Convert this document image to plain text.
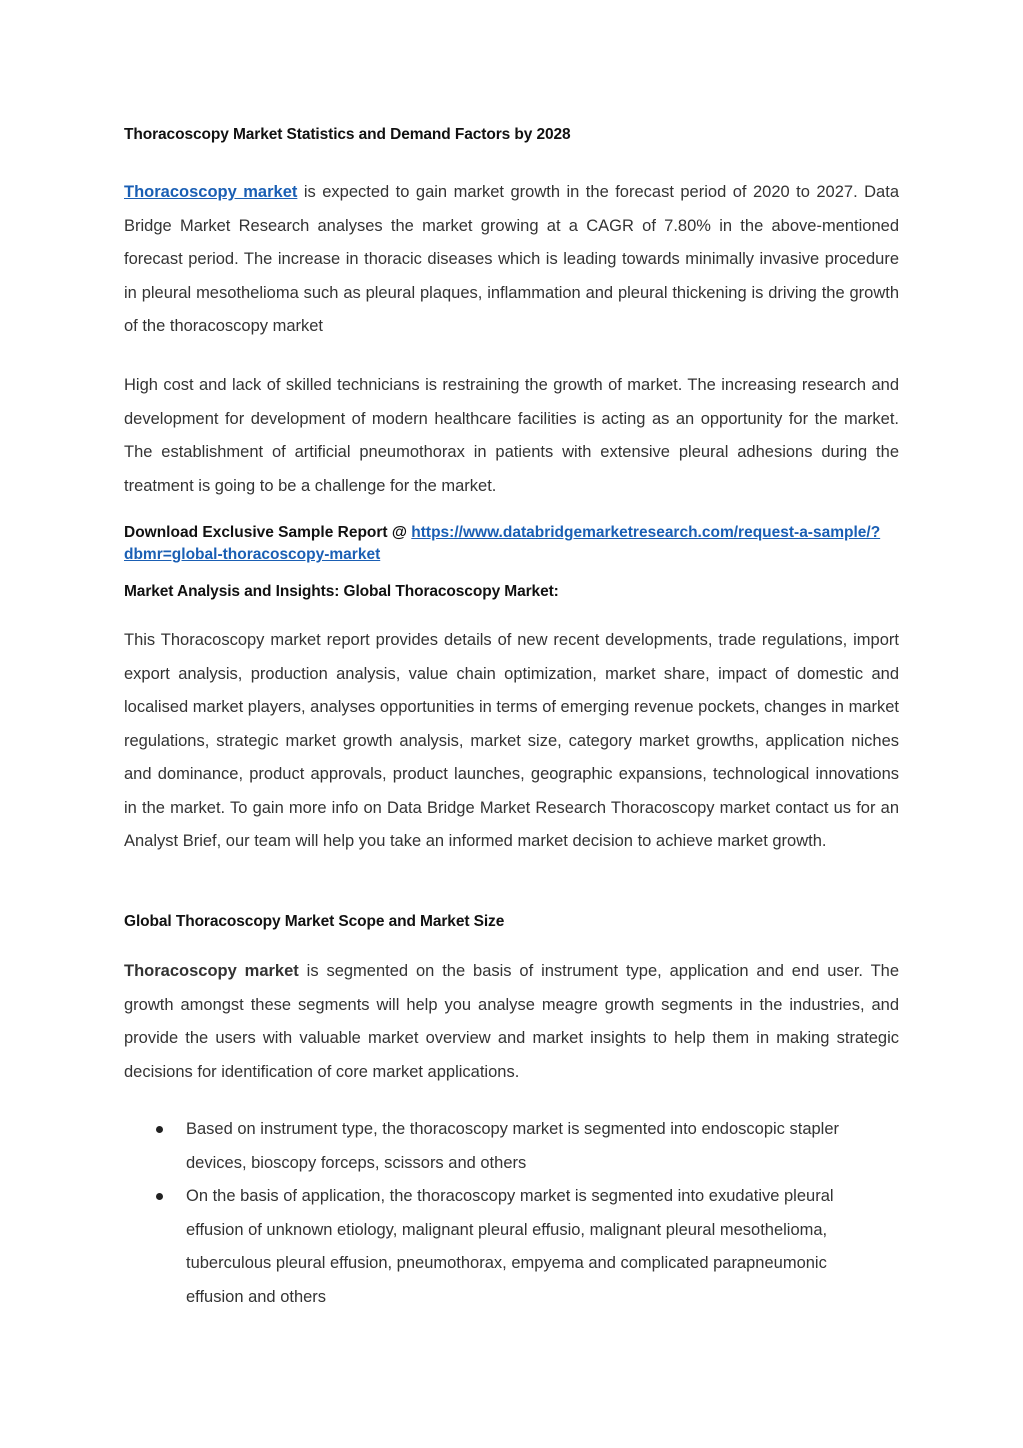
Thoracoscopy Market Statistics and Demand Factors by 2028

Thoracoscopy market is expected to gain market growth in the forecast period of 2020 to 2027. Data Bridge Market Research analyses the market growing at a CAGR of 7.80% in the above-mentioned forecast period. The increase in thoracic diseases which is leading towards minimally invasive procedure in pleural mesothelioma such as pleural plaques, inflammation and pleural thickening is driving the growth of the thoracoscopy market

High cost and lack of skilled technicians is restraining the growth of market. The increasing research and development for development of modern healthcare facilities is acting as an opportunity for the market. The establishment of artificial pneumothorax in patients with extensive pleural adhesions during the treatment is going to be a challenge for the market.

Download Exclusive Sample Report @ https://www.databridgemarketresearch.com/request-a-sample/?dbmr=global-thoracoscopy-market
Market Analysis and Insights: Global Thoracoscopy Market:

This Thoracoscopy market report provides details of new recent developments, trade regulations, import export analysis, production analysis, value chain optimization, market share, impact of domestic and localised market players, analyses opportunities in terms of emerging revenue pockets, changes in market regulations, strategic market growth analysis, market size, category market growths, application niches and dominance, product approvals, product launches, geographic expansions, technological innovations in the market. To gain more info on Data Bridge Market Research Thoracoscopy market contact us for an Analyst Brief, our team will help you take an informed market decision to achieve market growth.

Global Thoracoscopy Market Scope and Market Size

Thoracoscopy market is segmented on the basis of instrument type, application and end user. The growth amongst these segments will help you analyse meagre growth segments in the industries, and provide the users with valuable market overview and market insights to help them in making strategic decisions for identification of core market applications.

Based on instrument type, the thoracoscopy market is segmented into endoscopic stapler devices, bioscopy forceps, scissors and others
On the basis of application, the thoracoscopy market is segmented into exudative pleural effusion of unknown etiology, malignant pleural effusio, malignant pleural mesothelioma, tuberculous pleural effusion, pneumothorax, empyema and complicated parapneumonic effusion and others
